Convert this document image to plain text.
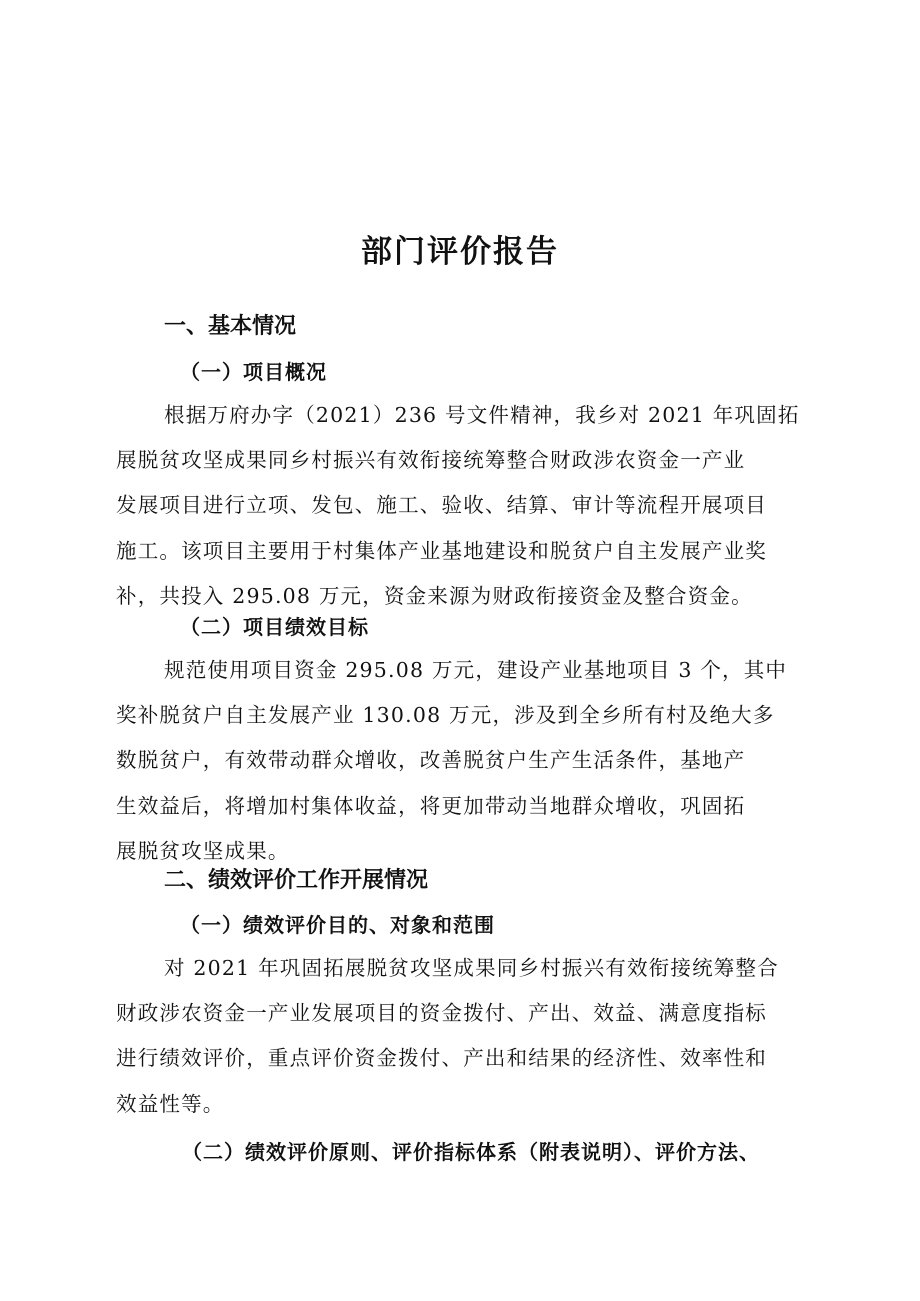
部门评价报告
一、基本情况
（一）项目概况
根据万府办字（2021）236 号文件精神，我乡对 2021 年巩固拓
展脱贫攻坚成果同乡村振兴有效衔接统筹整合财政涉农资金一产业
发展项目进行立项、发包、施工、验收、结算、审计等流程开展项目
施工。该项目主要用于村集体产业基地建设和脱贫户自主发展产业奖
补，共投入 295.08 万元，资金来源为财政衔接资金及整合资金。
（二）项目绩效目标
规范使用项目资金 295.08 万元，建设产业基地项目 3 个，其中
奖补脱贫户自主发展产业 130.08 万元，涉及到全乡所有村及绝大多
数脱贫户，有效带动群众增收，改善脱贫户生产生活条件，基地产
生效益后，将增加村集体收益，将更加带动当地群众增收，巩固拓
展脱贫攻坚成果。
二、绩效评价工作开展情况
（一）绩效评价目的、对象和范围
对 2021 年巩固拓展脱贫攻坚成果同乡村振兴有效衔接统筹整合
财政涉农资金一产业发展项目的资金拨付、产出、效益、满意度指标
进行绩效评价，重点评价资金拨付、产出和结果的经济性、效率性和
效益性等。
（二）绩效评价原则、评价指标体系（附表说明）、评价方法、
